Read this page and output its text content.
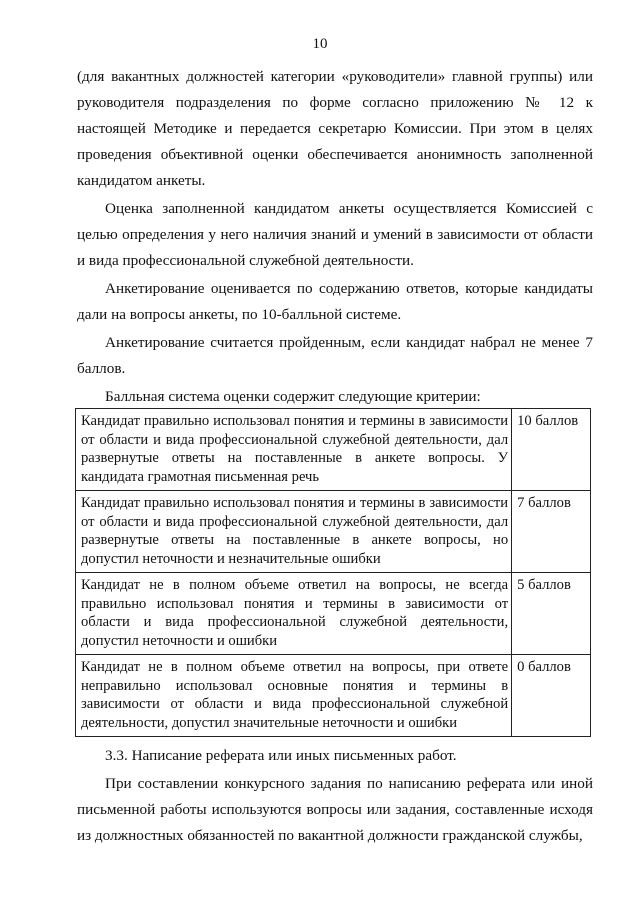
10

(для вакантных должностей категории «руководители» главной группы) или руководителя подразделения по форме согласно приложению № 12 к настоящей Методике и передается секретарю Комиссии. При этом в целях проведения объективной оценки обеспечивается анонимность заполненной кандидатом анкеты.

Оценка заполненной кандидатом анкеты осуществляется Комиссией с целью определения у него наличия знаний и умений в зависимости от области и вида профессиональной служебной деятельности.

Анкетирование оценивается по содержанию ответов, которые кандидаты дали на вопросы анкеты, по 10-балльной системе.

Анкетирование считается пройденным, если кандидат набрал не менее 7 баллов.

Балльная система оценки содержит следующие критерии:

Кандидат правильно использовал понятия и термины в зависимости от области и вида профессиональной служебной деятельности, дал развернутые ответы на поставленные в анкете вопросы. У кандидата грамотная письменная речь	10 баллов
Кандидат правильно использовал понятия и термины в зависимости от области и вида профессиональной служебной деятельности, дал развернутые ответы на поставленные в анкете вопросы, но допустил неточности и незначительные ошибки	7 баллов
Кандидат не в полном объеме ответил на вопросы, не всегда правильно использовал понятия и термины в зависимости от области и вида профессиональной служебной деятельности, допустил неточности и ошибки	5 баллов
Кандидат не в полном объеме ответил на вопросы, при ответе неправильно использовал основные понятия и термины в зависимости от области и вида профессиональной служебной деятельности, допустил значительные неточности и ошибки	0 баллов

3.3. Написание реферата или иных письменных работ.

При составлении конкурсного задания по написанию реферата или иной письменной работы используются вопросы или задания, составленные исходя из должностных обязанностей по вакантной должности гражданской службы,
